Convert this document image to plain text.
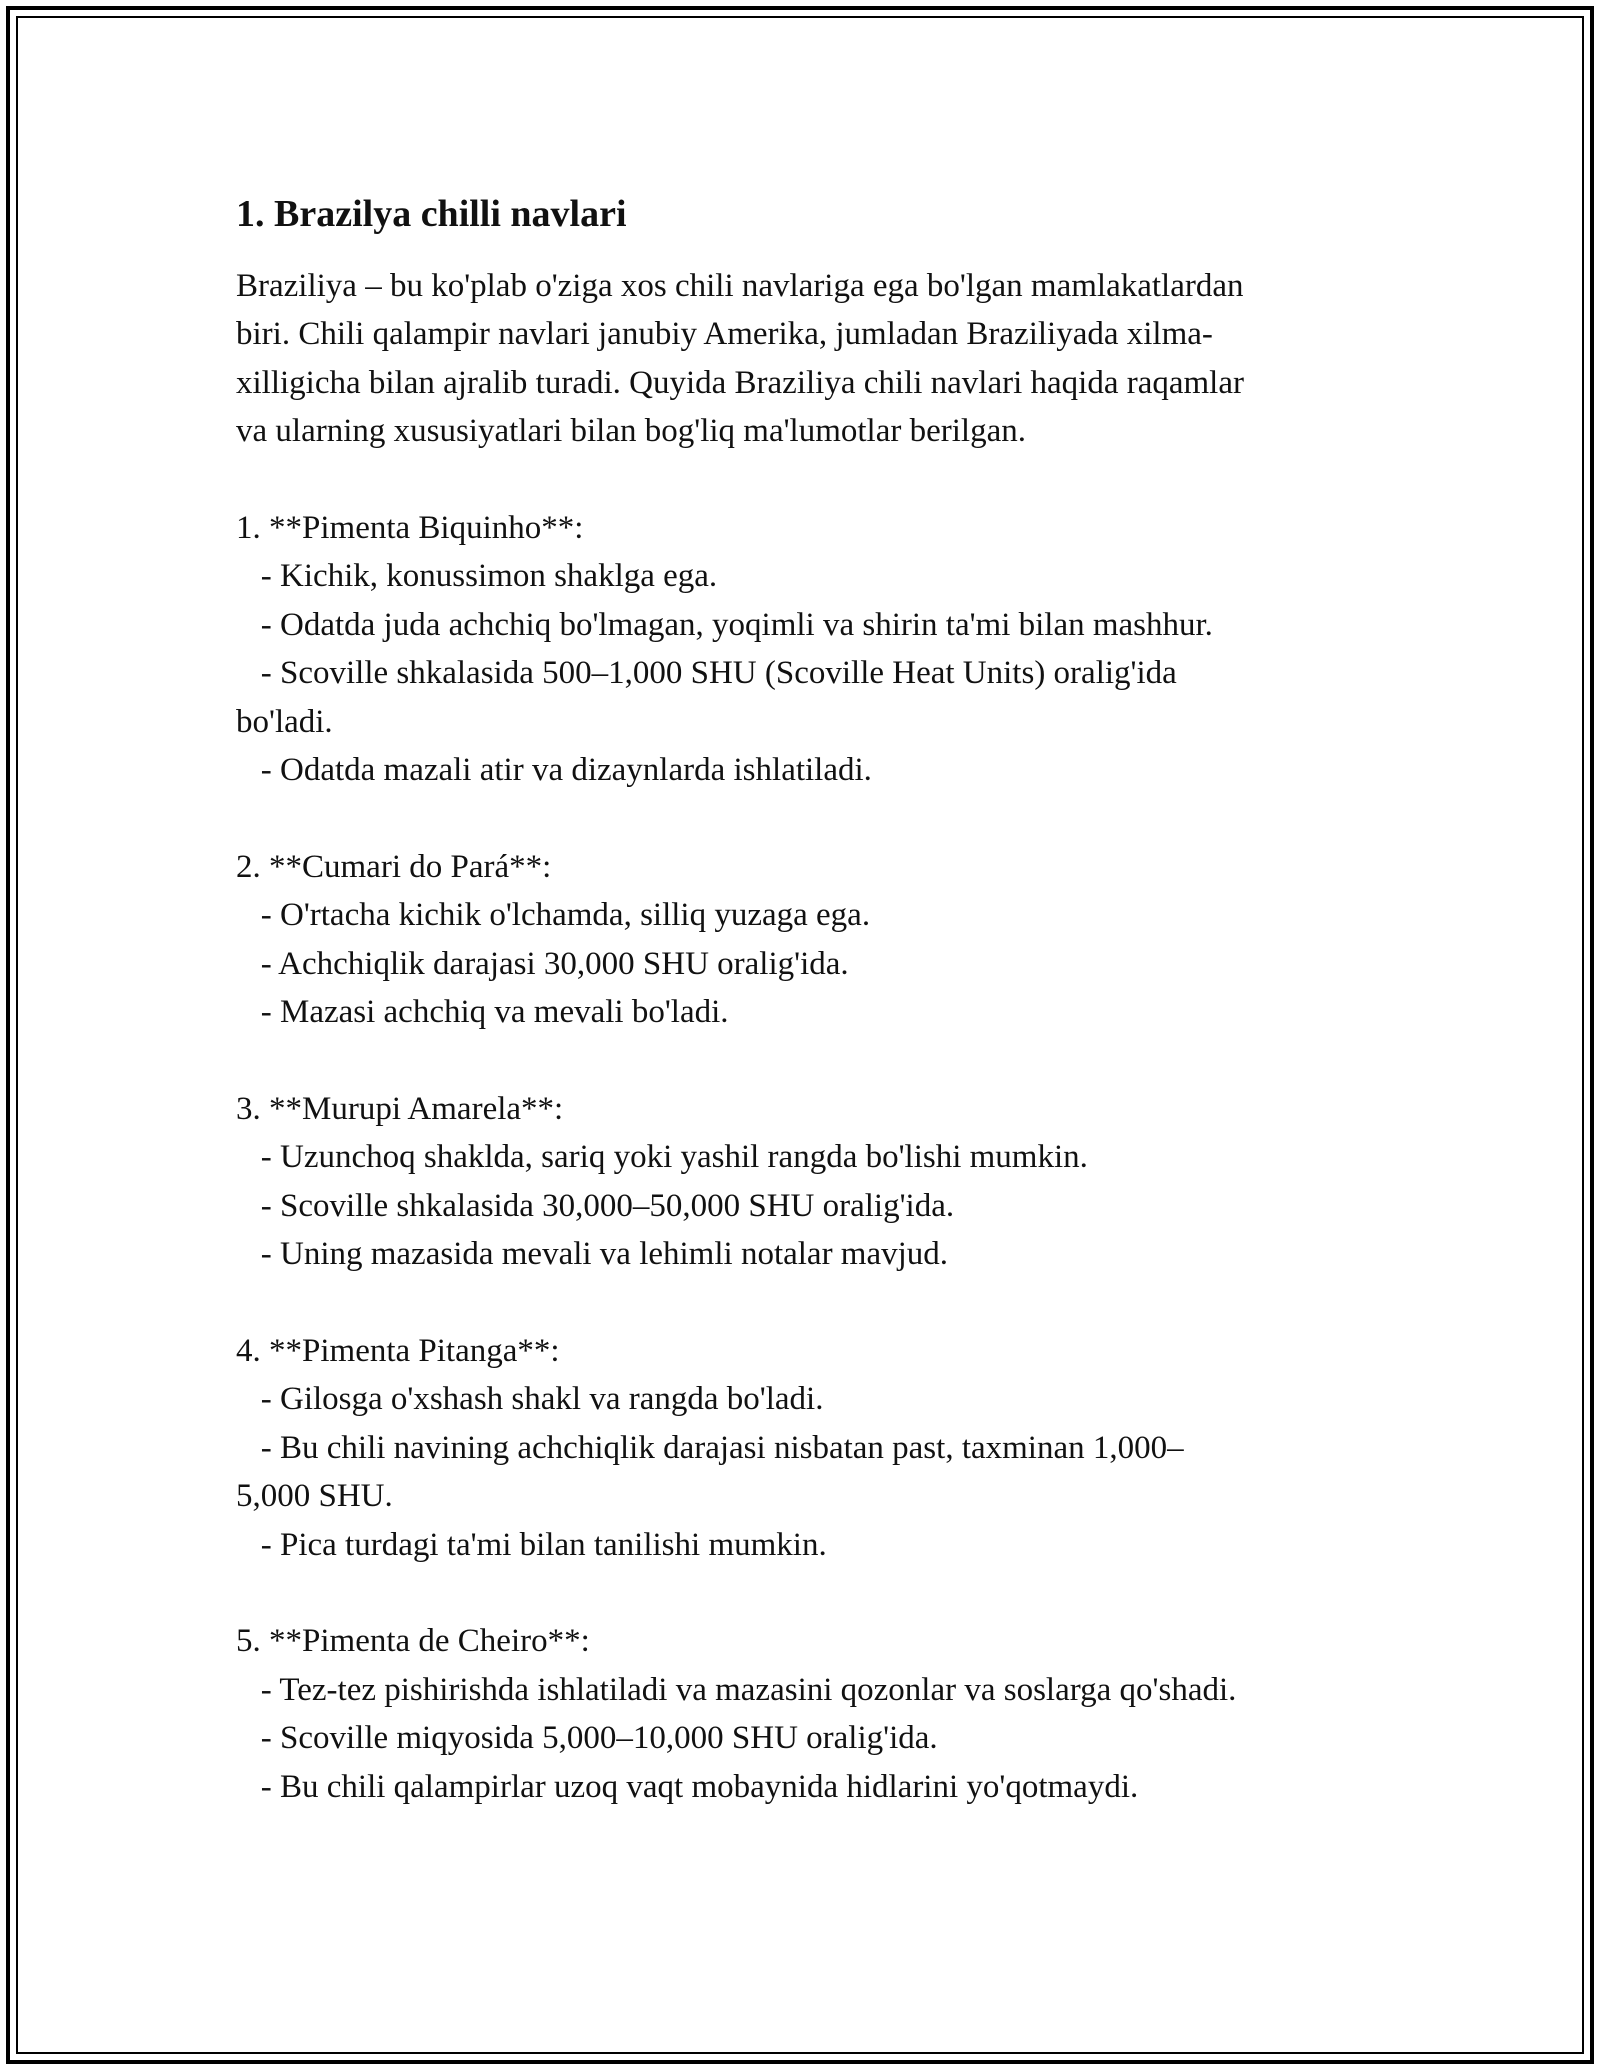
1. Brazilya chilli navlari
Braziliya – bu ko'plab o'ziga xos chili navlariga ega bo'lgan mamlakatlardan
biri. Chili qalampir navlari janubiy Amerika, jumladan Braziliyada xilma-
xilligicha bilan ajralib turadi. Quyida Braziliya chili navlari haqida raqamlar
va ularning xususiyatlari bilan bog'liq ma'lumotlar berilgan.
1. **Pimenta Biquinho**:
- Kichik, konussimon shaklga ega.
- Odatda juda achchiq bo'lmagan, yoqimli va shirin ta'mi bilan mashhur.
- Scoville shkalasida 500–1,000 SHU (Scoville Heat Units) oralig'ida
bo'ladi.
- Odatda mazali atir va dizaynlarda ishlatiladi.
2. **Cumari do Pará**:
- O'rtacha kichik o'lchamda, silliq yuzaga ega.
- Achchiqlik darajasi 30,000 SHU oralig'ida.
- Mazasi achchiq va mevali bo'ladi.
3. **Murupi Amarela**:
- Uzunchoq shaklda, sariq yoki yashil rangda bo'lishi mumkin.
- Scoville shkalasida 30,000–50,000 SHU oralig'ida.
- Uning mazasida mevali va lehimli notalar mavjud.
4. **Pimenta Pitanga**:
- Gilosga o'xshash shakl va rangda bo'ladi.
- Bu chili navining achchiqlik darajasi nisbatan past, taxminan 1,000–
5,000 SHU.
- Pica turdagi ta'mi bilan tanilishi mumkin.
5. **Pimenta de Cheiro**:
- Tez-tez pishirishda ishlatiladi va mazasini qozonlar va soslarga qo'shadi.
- Scoville miqyosida 5,000–10,000 SHU oralig'ida.
- Bu chili qalampirlar uzoq vaqt mobaynida hidlarini yo'qotmaydi.
